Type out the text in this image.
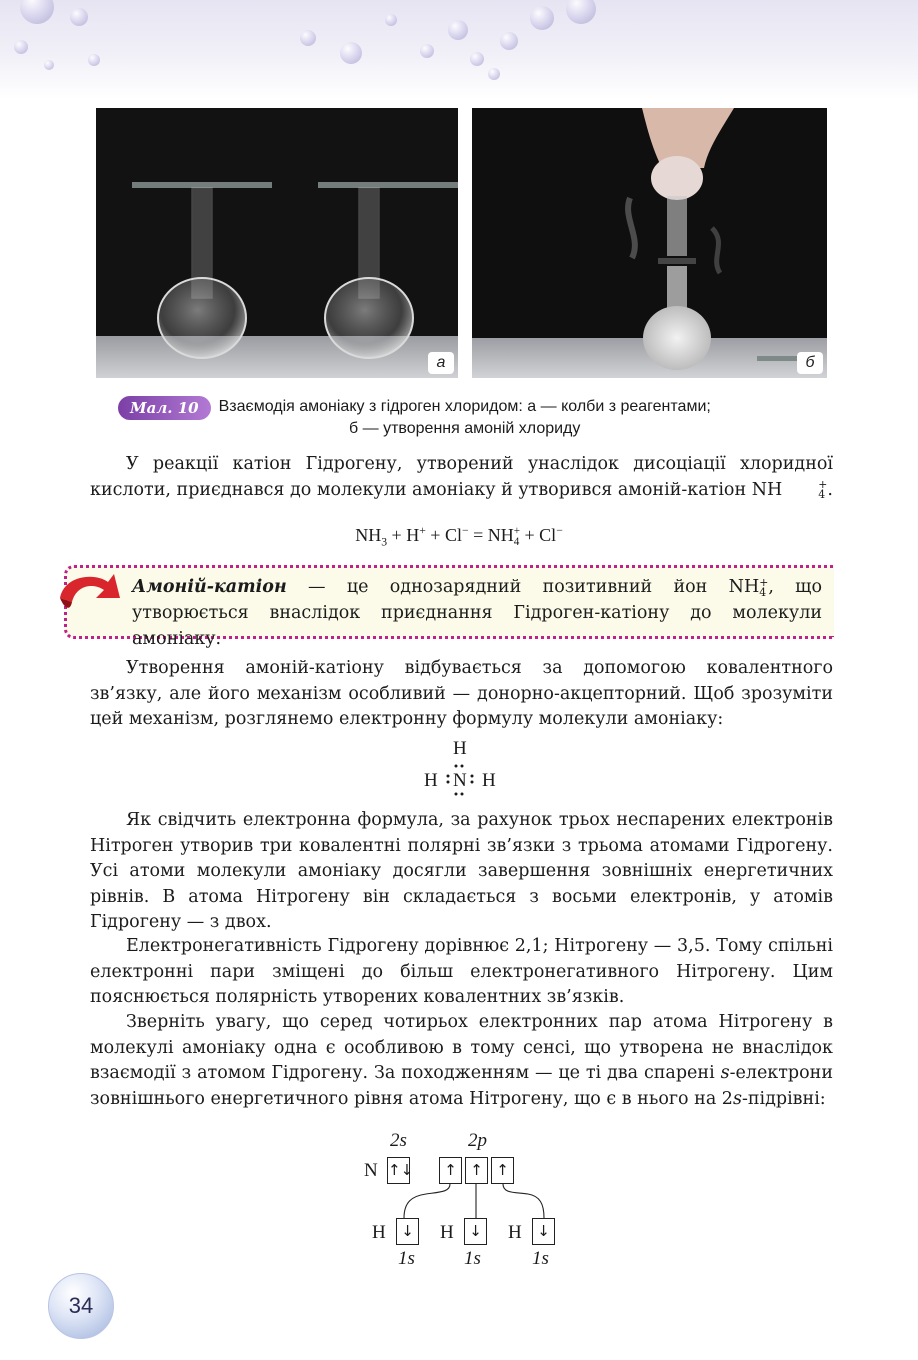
а	б
Мал. 10	Взаємодія амоніаку з гідроген хлоридом: а — колби з реагентами;
б — утворення амоній хлориду
У реакції катіон Гідрогену, утворений унаслідок дисоціації хлоридної кислоти, приєднався до молекули амоніаку й утворився амоній-катіон NH	+
4 .
$NH_3 + H^+ + Cl^-$ = NH +
4 + Cl−
Амоній-катіон — це однозарядний позитивний йон NH +
4 , що утворюється внаслідок приєднання Гідроген-катіону до молекули амоніаку.
Утворення амоній-катіону відбувається за допомогою ковалентного зв’язку, але його механізм особливий — донорно-акцепторний. Щоб зрозуміти цей механізм, розглянемо електронну формулу молекули амоніаку:
H
H N H
Як свідчить електронна формула, за рахунок трьох неспарених електронів Нітроген утворив три ковалентні полярні зв’язки з трьома атомами Гідрогену. Усі атоми молекули амоніаку досягли завершення зовнішніх енергетичних рівнів. В атома Нітрогену він складається з восьми електронів, у атомів Гідрогену — з двох.
Електронегативність Гідрогену дорівнює 2,1; Нітрогену — 3,5. Тому спільні електронні пари зміщені до більш електронегативного Нітрогену. Цим пояснюється полярність утворених ковалентних зв’язків.
Зверніть увагу, що серед чотирьох електронних пар атома Нітрогену в молекулі амоніаку одна є особливою в тому сенсі, що утворена не внаслідок взаємодії з атомом Гідрогену. За походженням — це ті два спарені s-електрони зовнішнього енергетичного рівня атома Нітрогену, що є в нього на 2s-підрівні:
2s	2p
N ↑↓	↑ ↑ ↑
H	↓
1s
H	↓
1s
H	↓
1s
34
